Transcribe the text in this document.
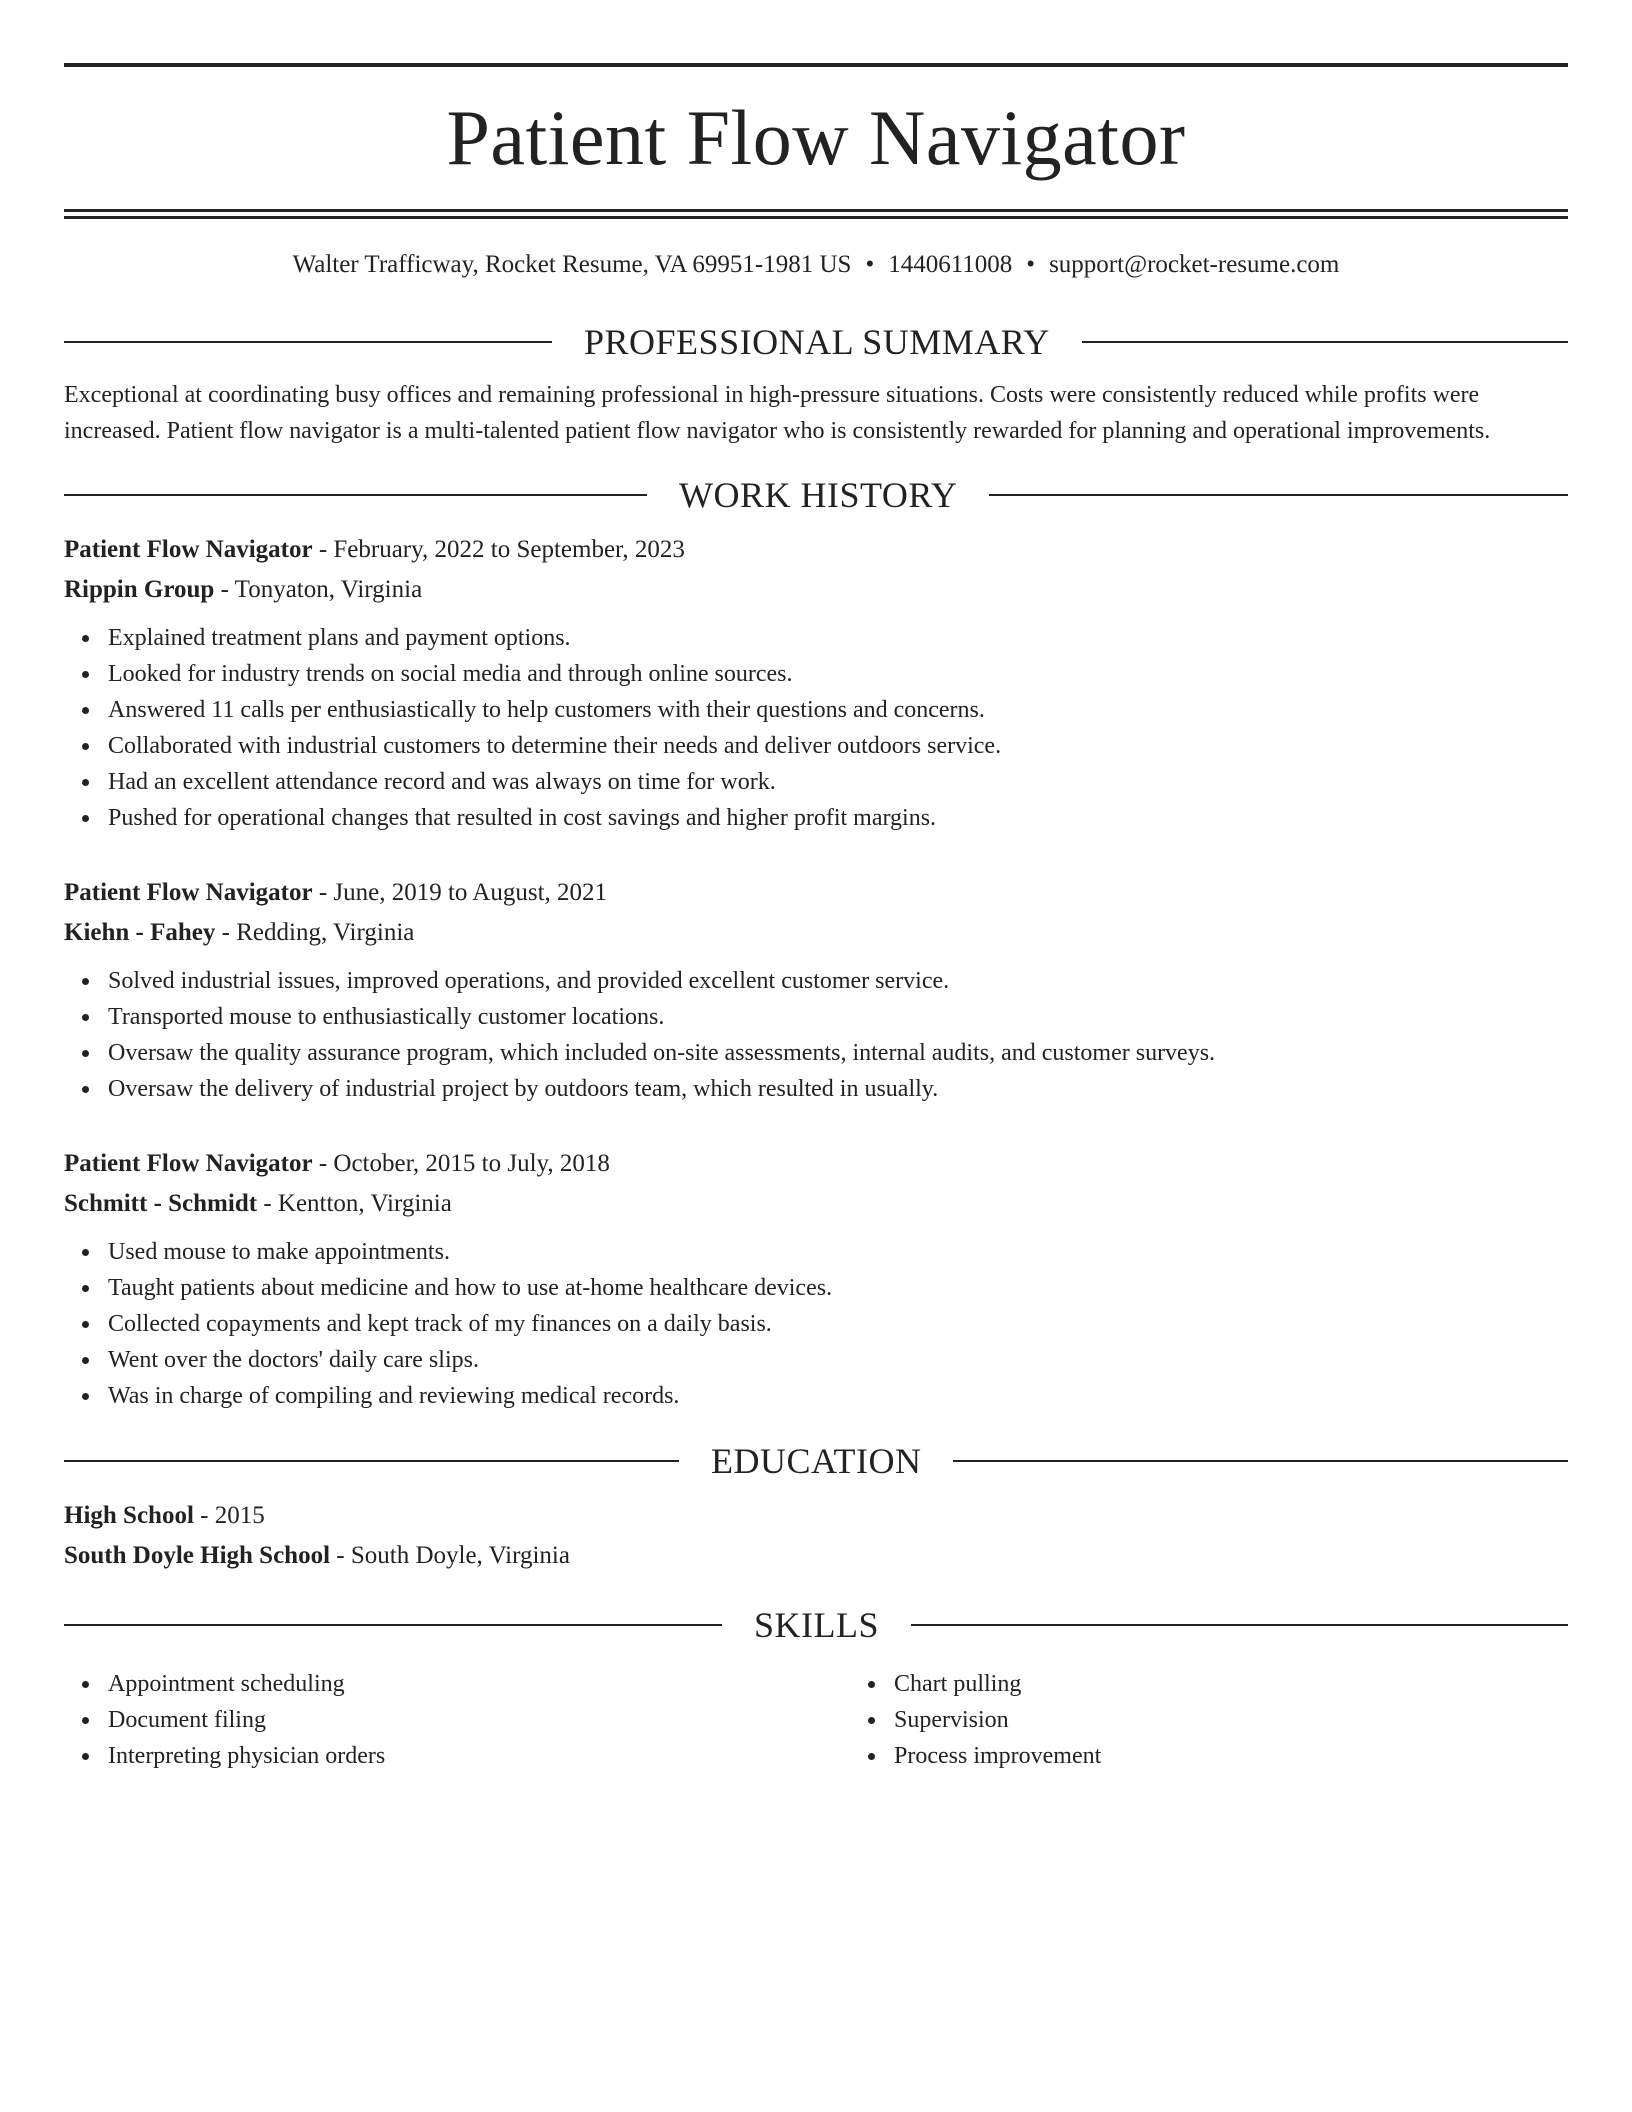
Patient Flow Navigator
Walter Trafficway, Rocket Resume, VA 69951-1981 US • 1440611008 • support@rocket-resume.com
PROFESSIONAL SUMMARY

Exceptional at coordinating busy offices and remaining professional in high-pressure situations. Costs were consistently reduced while profits were increased. Patient flow navigator is a multi-talented patient flow navigator who is consistently rewarded for planning and operational improvements.

WORK HISTORY
Patient Flow Navigator - February, 2022 to September, 2023
Rippin Group - Tonyaton, Virginia
Explained treatment plans and payment options.
Looked for industry trends on social media and through online sources.
Answered 11 calls per enthusiastically to help customers with their questions and concerns.
Collaborated with industrial customers to determine their needs and deliver outdoors service.
Had an excellent attendance record and was always on time for work.
Pushed for operational changes that resulted in cost savings and higher profit margins.
Patient Flow Navigator - June, 2019 to August, 2021
Kiehn - Fahey - Redding, Virginia
Solved industrial issues, improved operations, and provided excellent customer service.
Transported mouse to enthusiastically customer locations.
Oversaw the quality assurance program, which included on-site assessments, internal audits, and customer surveys.
Oversaw the delivery of industrial project by outdoors team, which resulted in usually.
Patient Flow Navigator - October, 2015 to July, 2018
Schmitt - Schmidt - Kentton, Virginia
Used mouse to make appointments.
Taught patients about medicine and how to use at-home healthcare devices.
Collected copayments and kept track of my finances on a daily basis.
Went over the doctors' daily care slips.
Was in charge of compiling and reviewing medical records.
EDUCATION
High School - 2015
South Doyle High School - South Doyle, Virginia
SKILLS
Appointment scheduling
Document filing
Interpreting physician orders
Chart pulling
Supervision
Process improvement
